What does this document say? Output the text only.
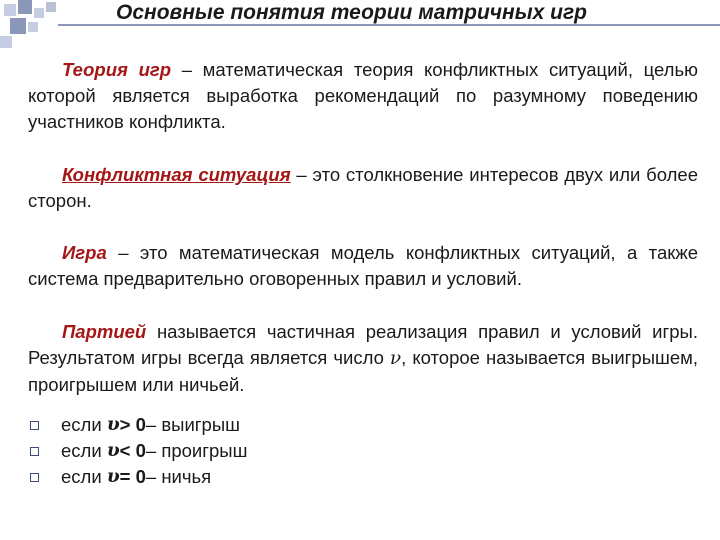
Основные понятия теории матричных игр
Теория игр – математическая теория конфликтных ситуаций, целью которой является выработка рекомендаций по разумному поведению участников конфликта.
Конфликтная ситуация – это столкновение интересов двух или более сторон.
Игра – это математическая модель конфликтных ситуаций, а также система предварительно оговоренных правил и условий.
Партией называется частичная реализация правил и условий игры. Результатом игры всегда является число ν, которое называется выигрышем, проигрышем или ничьей.
если
υ > 0 – выигрыш
если
υ < 0 – проигрыш
если
υ = 0 – ничья
